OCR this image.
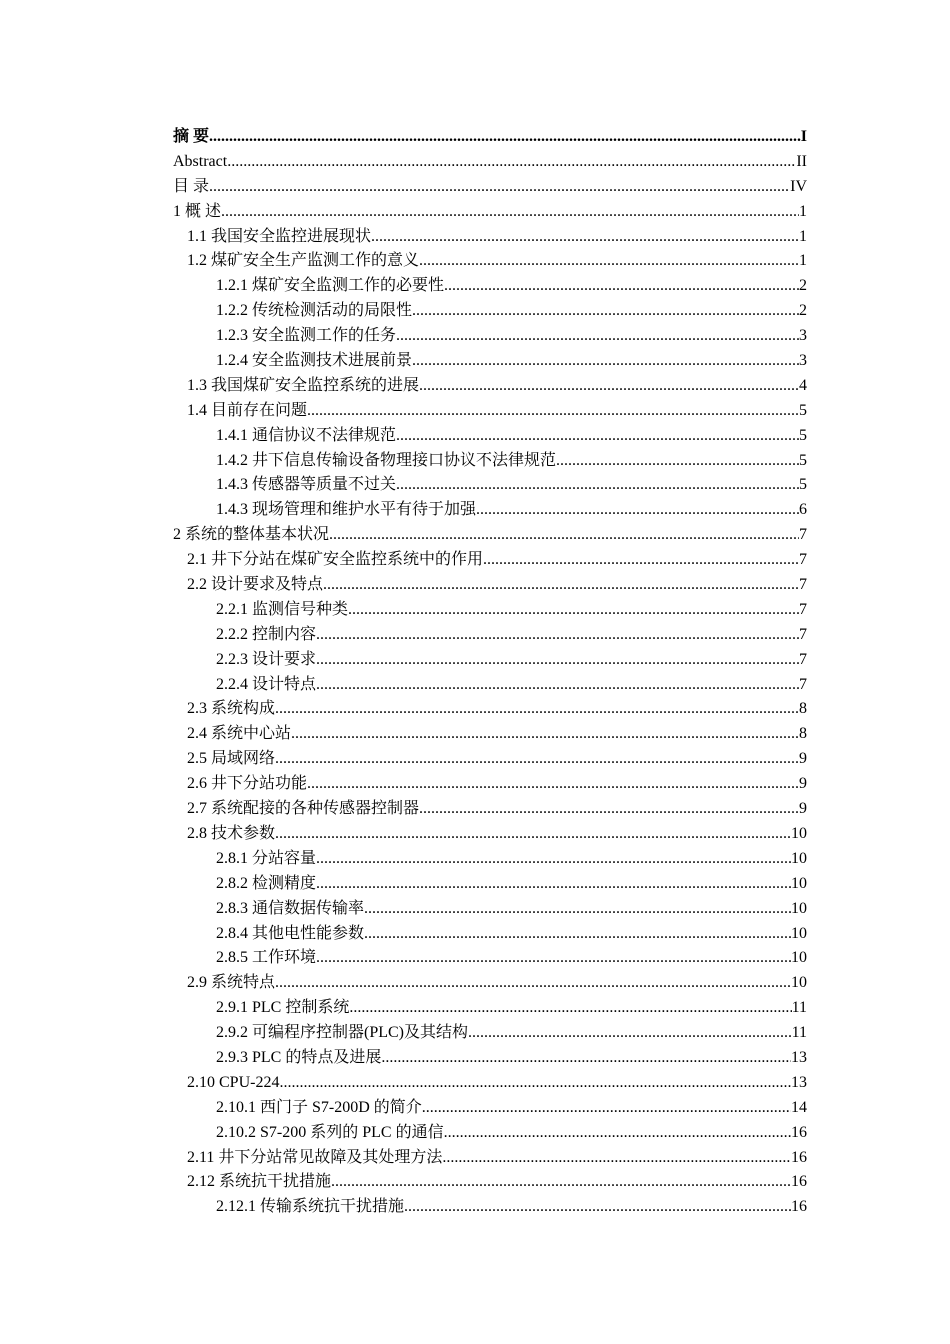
摘 要 .....	I
Abstract .....	II
目 录 .....	IV
1 概 述 .....	1
1.1 我国安全监控进展现状 .....	1
1.2 煤矿安全生产监测工作的意义 .....	1
1.2.1 煤矿安全监测工作的必要性 .....	2
1.2.2 传统检测活动的局限性 .....	2
1.2.3 安全监测工作的任务 .....	3
1.2.4 安全监测技术进展前景 .....	3
1.3 我国煤矿安全监控系统的进展 .....	4
1.4 目前存在问题 .....	5
1.4.1 通信协议不法律规范 .....	5
1.4.2 井下信息传输设备物理接口协议不法律规范 .....	5
1.4.3 传感器等质量不过关 .....	5
1.4.3 现场管理和维护水平有待于加强 .....	6
2 系统的整体基本状况 .....	7
2.1 井下分站在煤矿安全监控系统中的作用 .....	7
2.2 设计要求及特点 .....	7
2.2.1 监测信号种类 .....	7
2.2.2 控制内容 .....	7
2.2.3 设计要求 .....	7
2.2.4 设计特点 .....	7
2.3 系统构成 .....	8
2.4 系统中心站 .....	8
2.5 局域网络 .....	9
2.6 井下分站功能 .....	9
2.7 系统配接的各种传感器控制器 .....	9
2.8 技术参数 .....	10
2.8.1 分站容量 .....	10
2.8.2 检测精度 .....	10
2.8.3 通信数据传输率 .....	10
2.8.4 其他电性能参数 .....	10
2.8.5 工作环境 .....	10
2.9 系统特点 .....	10
2.9.1 PLC 控制系统 .....	11
2.9.2 可编程序控制器(PLC)及其结构 .....	11
2.9.3 PLC 的特点及进展 .....	13
2.10 CPU-224 .....	13
2.10.1 西门子 S7-200D 的简介 .....	14
2.10.2 S7-200 系列的 PLC 的通信 .....	16
2.11 井下分站常见故障及其处理方法 .....	16
2.12 系统抗干扰措施 .....	16
2.12.1 传输系统抗干扰措施 .....	16
